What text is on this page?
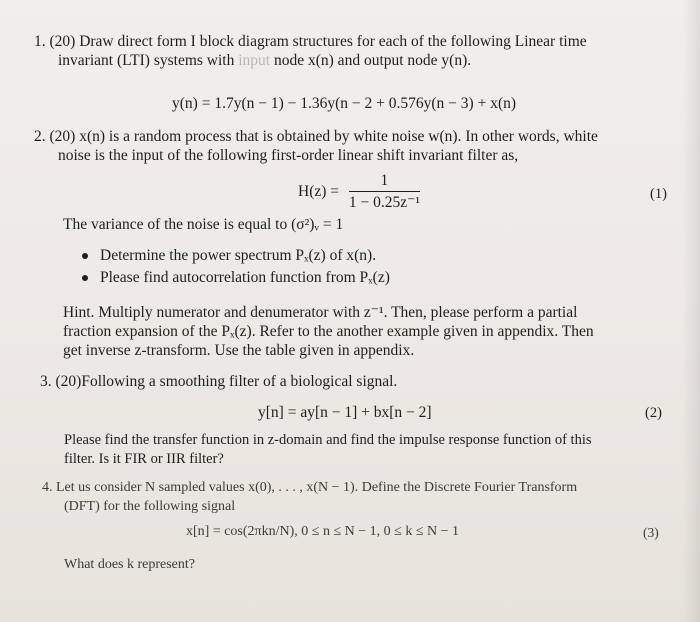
1. (20) Draw direct form I block diagram structures for each of the following Linear time
invariant (LTI) systems with input node x(n) and output node y(n).
y(n) = 1.7y(n − 1) − 1.36y(n − 2 + 0.576y(n − 3) + x(n)
2. (20) x(n) is a random process that is obtained by white noise w(n). In other words, white
noise is the input of the following first-order linear shift invariant filter as,
$H(z) = \frac{1}{\text{1 − 0.25z⁻¹}}$	(1)
The variance of the noise is equal to (σ²)ᵥ = 1
Determine the power spectrum Pₓ(z) of x(n).
Please find autocorrelation function from Pₓ(z)
Hint. Multiply numerator and denumerator with z⁻¹. Then, please perform a partial
fraction expansion of the Pₓ(z). Refer to the another example given in appendix. Then
get inverse z-transform. Use the table given in appendix.
3. (20)Following a smoothing filter of a biological signal.
y[n] = ay[n − 1] + bx[n − 2]	(2)
Please find the transfer function in z-domain and find the impulse response function of this
filter. Is it FIR or IIR filter?
4. Let us consider N sampled values x(0), . . . , x(N − 1). Define the Discrete Fourier Transform
(DFT) for the following signal
x[n] = cos(2πkn/N), 0 ≤ n ≤ N − 1, 0 ≤ k ≤ N − 1	(3)
What does k represent?
